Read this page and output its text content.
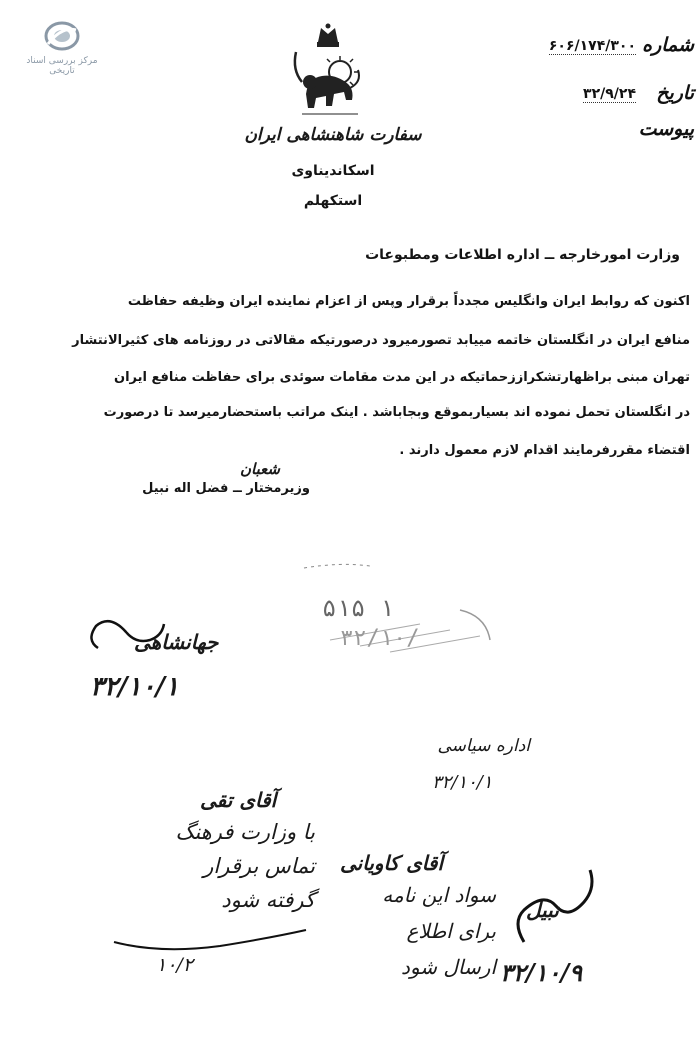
مرکز بررسی اسناد تاریخی
سفارت شاهنشاهی ایران
اسکاندیناوی
استکهلم
شماره
۶۰۶/۱۷۴/۳۰۰
تاریخ
۳۲/۹/۲۴
پیوست
وزارت امورخارجه ــ اداره اطلاعات ومطبوعات
اکنون که روابط ایران وانگلیس مجدداً برقرار وپس از اعزام نماینده ایران وظیفه حفاظت
منافع ایران در انگلستان خاتمه مییابد تصورمیرود درصورتیکه مقالاتی در روزنامه های کثیرالانتشار
تهران مبنی براظهارتشکراززحماتیکه در این مدت مقامات سوئدی برای حفاظت منافع ایران
در انگلستان تحمل نموده اند بسیاربموقع وبجاباشد . اینک مراتب باستحضارمیرسد تا درصورت
اقتضاء مقررفرمایند اقدام لازم معمول دارند .
شعبان
وزیرمختار ــ فضل اله نبیل
۵۱۵ ۱
۳۲/۱۰/
جهانشاهی
۳۲/۱۰/۱
اداره سیاسی
۳۲/۱۰/۱
آقای تقی
با وزارت فرهنگ
تماس برقرار
گرفته شود
۱۰/۲
آقای کاویانی
سواد این نامه
برای اطلاع
ارسال شود
نبیل
۳۲/۱۰/۹
